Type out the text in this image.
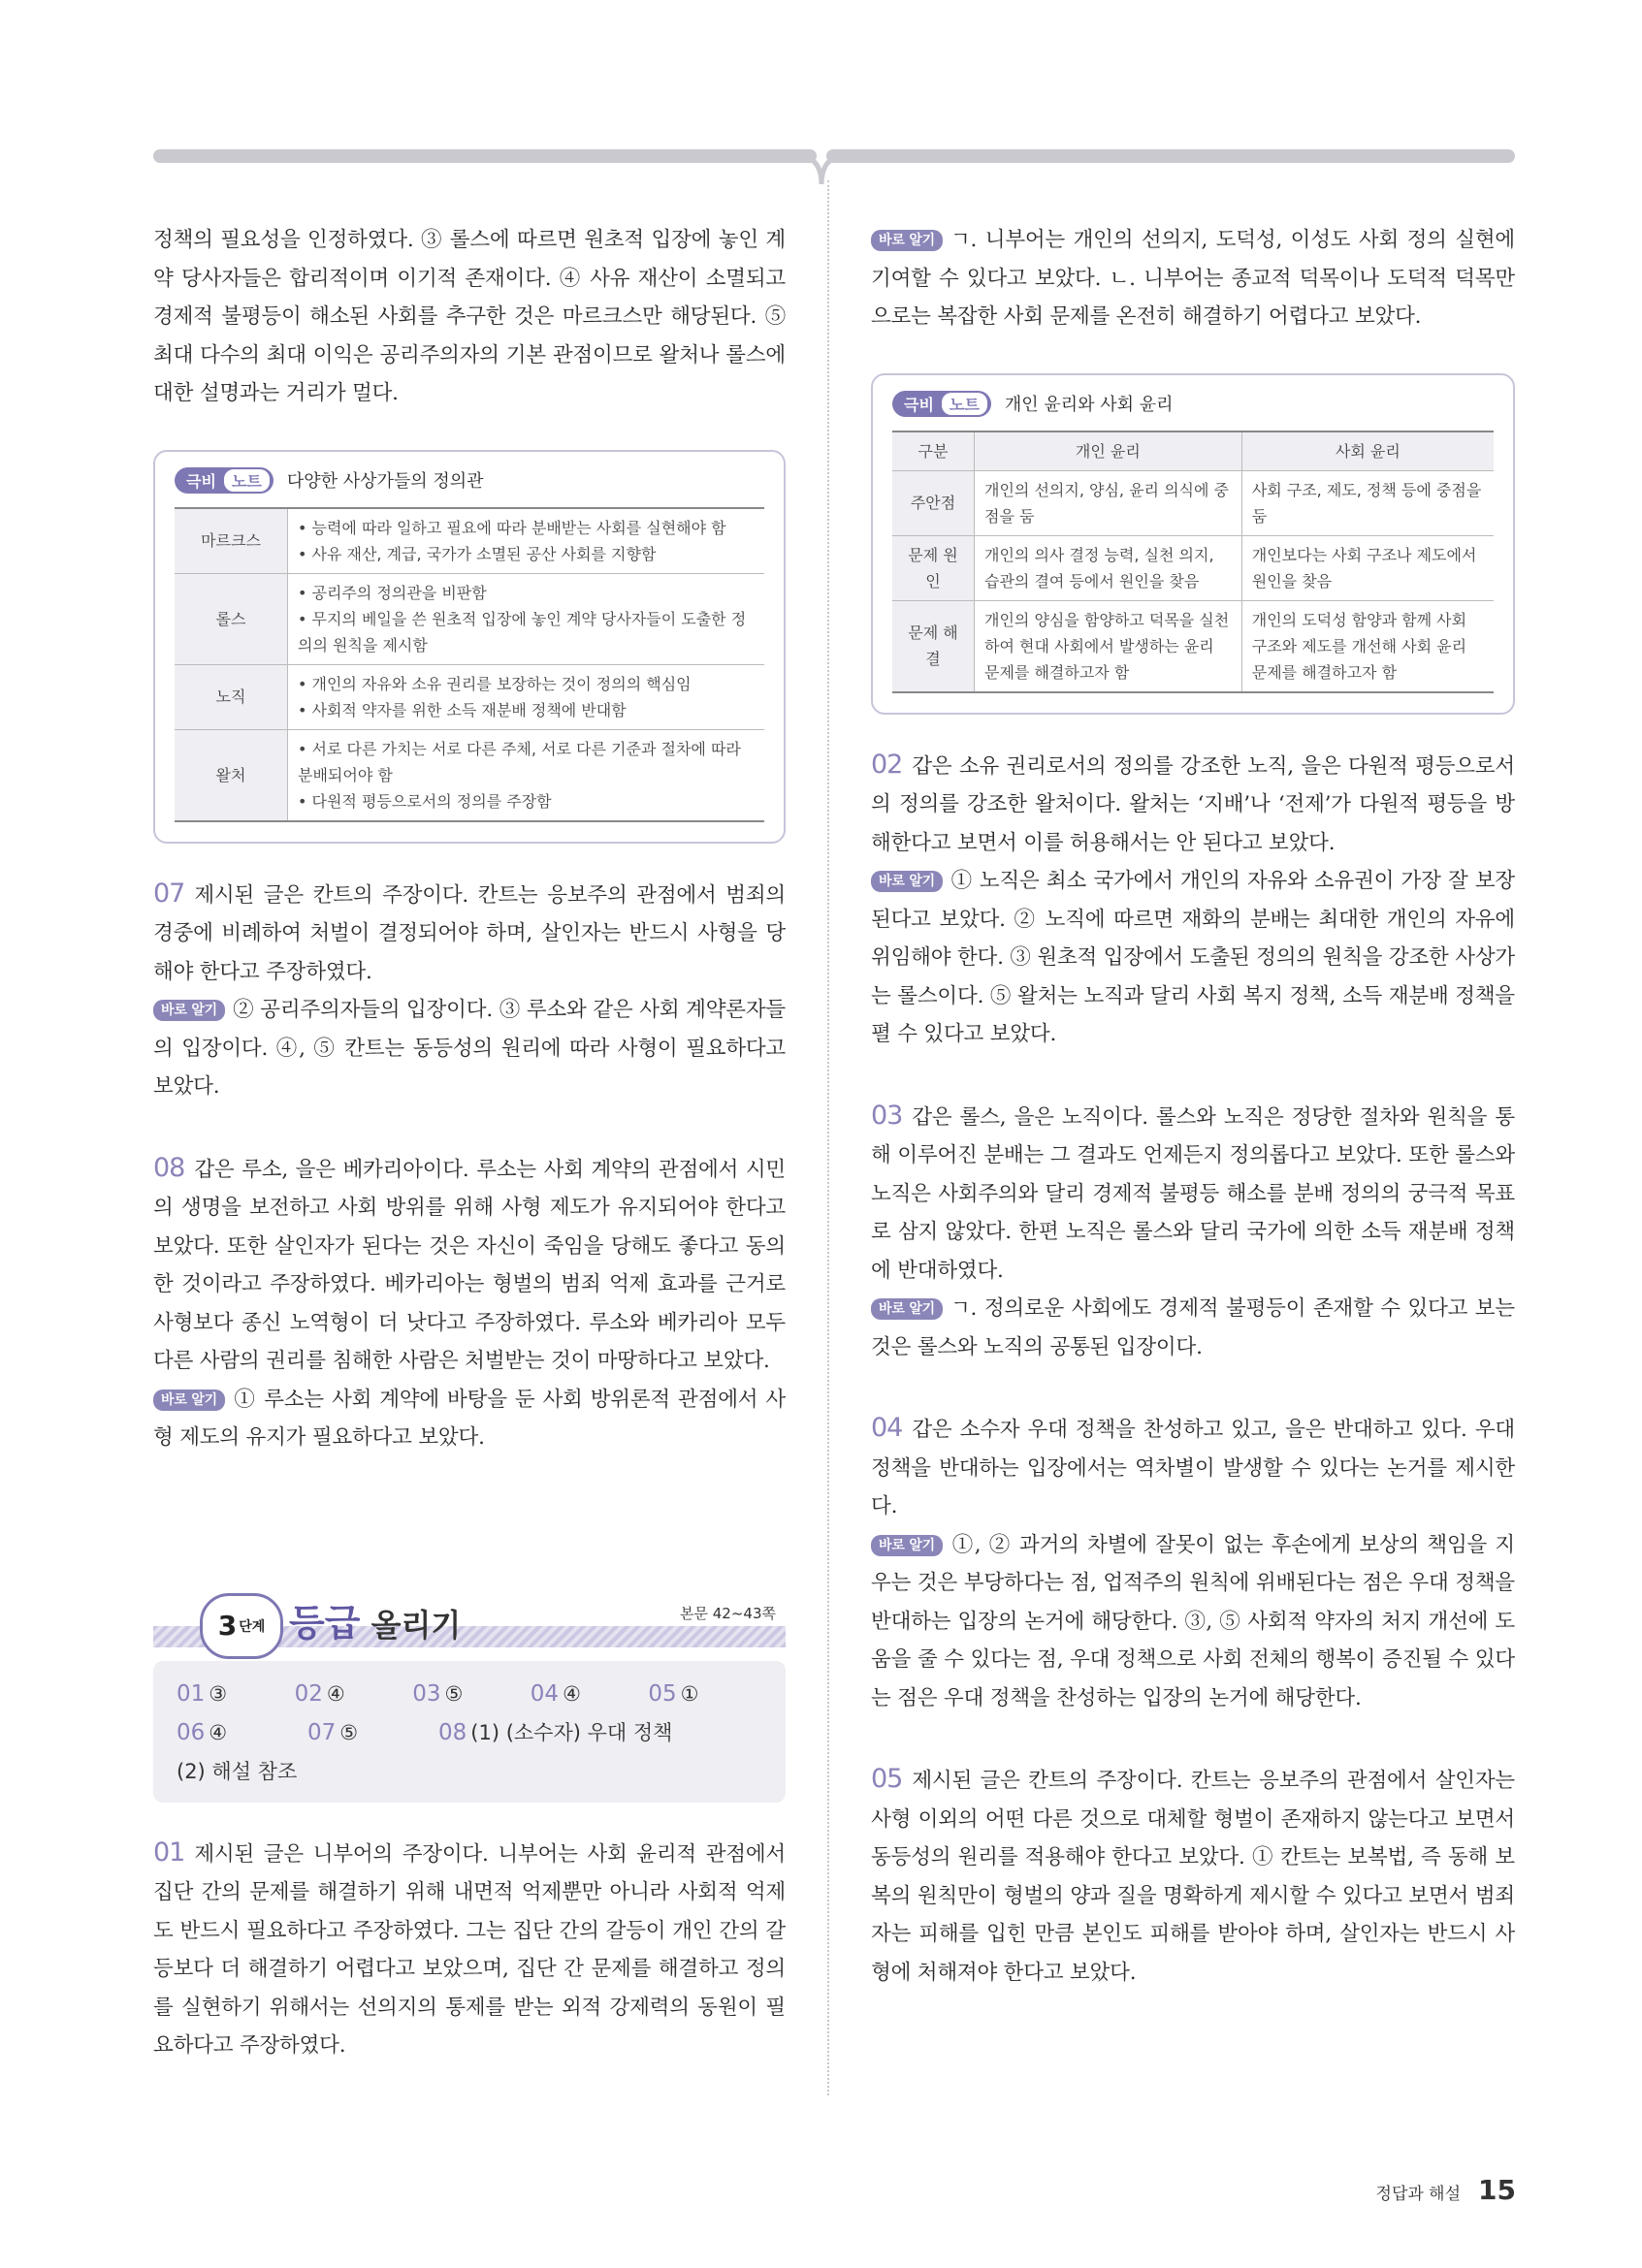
정책의 필요성을 인정하였다. ③ 롤스에 따르면 원초적 입장에 놓인 계약 당사자들은 합리적이며 이기적 존재이다. ④ 사유 재산이 소멸되고 경제적 불평등이 해소된 사회를 추구한 것은 마르크스만 해당된다. ⑤ 최대 다수의 최대 이익은 공리주의자의 기본 관점이므로 왈처나 롤스에 대한 설명과는 거리가 멀다.

극비	노트	다양한 사상가들의 정의관
마르크스	• 능력에 따라 일하고 필요에 따라 분배받는 사회를 실현해야 함
• 사유 재산, 계급, 국가가 소멸된 공산 사회를 지향함

롤스	• 공리주의 정의관을 비판함
• 무지의 베일을 쓴 원초적 입장에 놓인 계약 당사자들이 도출한 정의의 원칙을 제시함

노직	• 개인의 자유와 소유 권리를 보장하는 것이 정의의 핵심임
• 사회적 약자를 위한 소득 재분배 정책에 반대함

왈처	• 서로 다른 가치는 서로 다른 주체, 서로 다른 기준과 절차에 따라 분배되어야 함
• 다원적 평등으로서의 정의를 주장함

07 제시된 글은 칸트의 주장이다. 칸트는 응보주의 관점에서 범죄의 경중에 비례하여 처벌이 결정되어야 하며, 살인자는 반드시 사형을 당해야 한다고 주장하였다.

바로 알기 ② 공리주의자들의 입장이다. ③ 루소와 같은 사회 계약론자들의 입장이다. ④, ⑤ 칸트는 동등성의 원리에 따라 사형이 필요하다고 보았다.

08 갑은 루소, 을은 베카리아이다. 루소는 사회 계약의 관점에서 시민의 생명을 보전하고 사회 방위를 위해 사형 제도가 유지되어야 한다고 보았다. 또한 살인자가 된다는 것은 자신이 죽임을 당해도 좋다고 동의한 것이라고 주장하였다. 베카리아는 형벌의 범죄 억제 효과를 근거로 사형보다 종신 노역형이 더 낫다고 주장하였다. 루소와 베카리아 모두 다른 사람의 권리를 침해한 사람은 처벌받는 것이 마땅하다고 보았다.

바로 알기 ① 루소는 사회 계약에 바탕을 둔 사회 방위론적 관점에서 사형 제도의 유지가 필요하다고 보았다.

3 단계 등급 올리기	본문 42~43쪽
01 ③	02 ④	03 ⑤	04 ④	05 ①
06 ④	07 ⑤	08 (1) (소수자) 우대 정책
(2) 해설 참조

01 제시된 글은 니부어의 주장이다. 니부어는 사회 윤리적 관점에서 집단 간의 문제를 해결하기 위해 내면적 억제뿐만 아니라 사회적 억제도 반드시 필요하다고 주장하였다. 그는 집단 간의 갈등이 개인 간의 갈등보다 더 해결하기 어렵다고 보았으며, 집단 간 문제를 해결하고 정의를 실현하기 위해서는 선의지의 통제를 받는 외적 강제력의 동원이 필요하다고 주장하였다.

바로 알기 ㄱ. 니부어는 개인의 선의지, 도덕성, 이성도 사회 정의 실현에 기여할 수 있다고 보았다. ㄴ. 니부어는 종교적 덕목이나 도덕적 덕목만으로는 복잡한 사회 문제를 온전히 해결하기 어렵다고 보았다.

극비	노트	개인 윤리와 사회 윤리
구분	개인 윤리	사회 윤리
주안점	개인의 선의지, 양심, 윤리 의식에 중점을 둠	사회 구조, 제도, 정책 등에 중점을 둠
문제 원인	개인의 의사 결정 능력, 실천 의지, 습관의 결여 등에서 원인을 찾음	개인보다는 사회 구조나 제도에서 원인을 찾음
문제 해결	개인의 양심을 함양하고 덕목을 실천하여 현대 사회에서 발생하는 윤리 문제를 해결하고자 함	개인의 도덕성 함양과 함께 사회 구조와 제도를 개선해 사회 윤리 문제를 해결하고자 함

02 갑은 소유 권리로서의 정의를 강조한 노직, 을은 다원적 평등으로서의 정의를 강조한 왈처이다. 왈처는 ‘지배’나 ‘전제’가 다원적 평등을 방해한다고 보면서 이를 허용해서는 안 된다고 보았다.

바로 알기 ① 노직은 최소 국가에서 개인의 자유와 소유권이 가장 잘 보장된다고 보았다. ② 노직에 따르면 재화의 분배는 최대한 개인의 자유에 위임해야 한다. ③ 원초적 입장에서 도출된 정의의 원칙을 강조한 사상가는 롤스이다. ⑤ 왈처는 노직과 달리 사회 복지 정책, 소득 재분배 정책을 펼 수 있다고 보았다.

03 갑은 롤스, 을은 노직이다. 롤스와 노직은 정당한 절차와 원칙을 통해 이루어진 분배는 그 결과도 언제든지 정의롭다고 보았다. 또한 롤스와 노직은 사회주의와 달리 경제적 불평등 해소를 분배 정의의 궁극적 목표로 삼지 않았다. 한편 노직은 롤스와 달리 국가에 의한 소득 재분배 정책에 반대하였다.

바로 알기 ㄱ. 정의로운 사회에도 경제적 불평등이 존재할 수 있다고 보는 것은 롤스와 노직의 공통된 입장이다.

04 갑은 소수자 우대 정책을 찬성하고 있고, 을은 반대하고 있다. 우대 정책을 반대하는 입장에서는 역차별이 발생할 수 있다는 논거를 제시한다.

바로 알기 ①, ② 과거의 차별에 잘못이 없는 후손에게 보상의 책임을 지우는 것은 부당하다는 점, 업적주의 원칙에 위배된다는 점은 우대 정책을 반대하는 입장의 논거에 해당한다. ③, ⑤ 사회적 약자의 처지 개선에 도움을 줄 수 있다는 점, 우대 정책으로 사회 전체의 행복이 증진될 수 있다는 점은 우대 정책을 찬성하는 입장의 논거에 해당한다.

05 제시된 글은 칸트의 주장이다. 칸트는 응보주의 관점에서 살인자는 사형 이외의 어떤 다른 것으로 대체할 형벌이 존재하지 않는다고 보면서 동등성의 원리를 적용해야 한다고 보았다. ① 칸트는 보복법, 즉 동해 보복의 원칙만이 형벌의 양과 질을 명확하게 제시할 수 있다고 보면서 범죄자는 피해를 입힌 만큼 본인도 피해를 받아야 하며, 살인자는 반드시 사형에 처해져야 한다고 보았다.

정답과 해설 15
